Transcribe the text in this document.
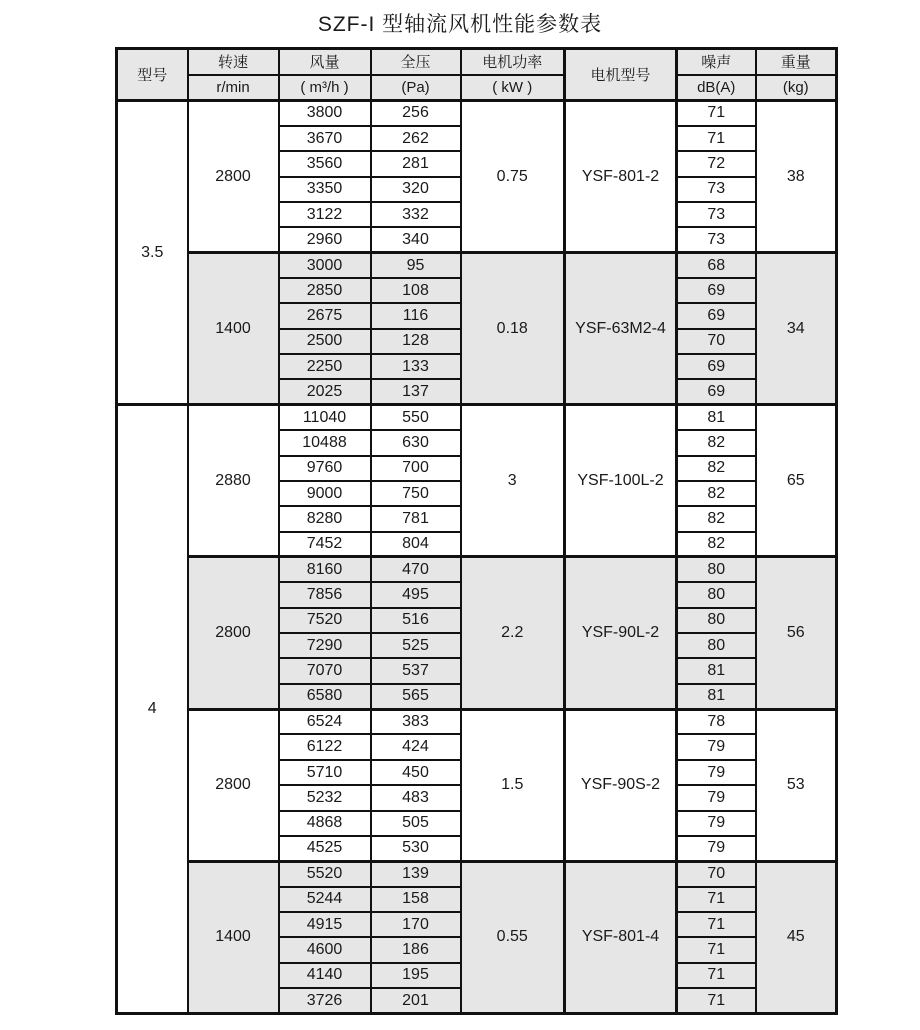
SZF-I 型轴流风机性能参数表
型号	转速	风量	全压	电机功率	电机型号	噪声	重量
	r/min	( m³/h )	(Pa)	( kW )		dB(A)	(kg)
3.5	2800	3800	256	0.75	YSF-801-2	71	38
		3670	262			71	
		3560	281			72	
		3350	320			73	
		3122	332			73	
		2960	340			73	
	1400	3000	95	0.18	YSF-63M2-4	68	34
		2850	108			69	
		2675	116			69	
		2500	128			70	
		2250	133			69	
		2025	137			69	
4	2880	11040	550	3	YSF-100L-2	81	65
		10488	630			82	
		9760	700			82	
		9000	750			82	
		8280	781			82	
		7452	804			82	
	2800	8160	470	2.2	YSF-90L-2	80	56
		7856	495			80	
		7520	516			80	
		7290	525			80	
		7070	537			81	
		6580	565			81	
	2800	6524	383	1.5	YSF-90S-2	78	53
		6122	424			79	
		5710	450			79	
		5232	483			79	
		4868	505			79	
		4525	530			79	
	1400	5520	139	0.55	YSF-801-4	70	45
		5244	158			71	
		4915	170			71	
		4600	186			71	
		4140	195			71	
		3726	201			71	
